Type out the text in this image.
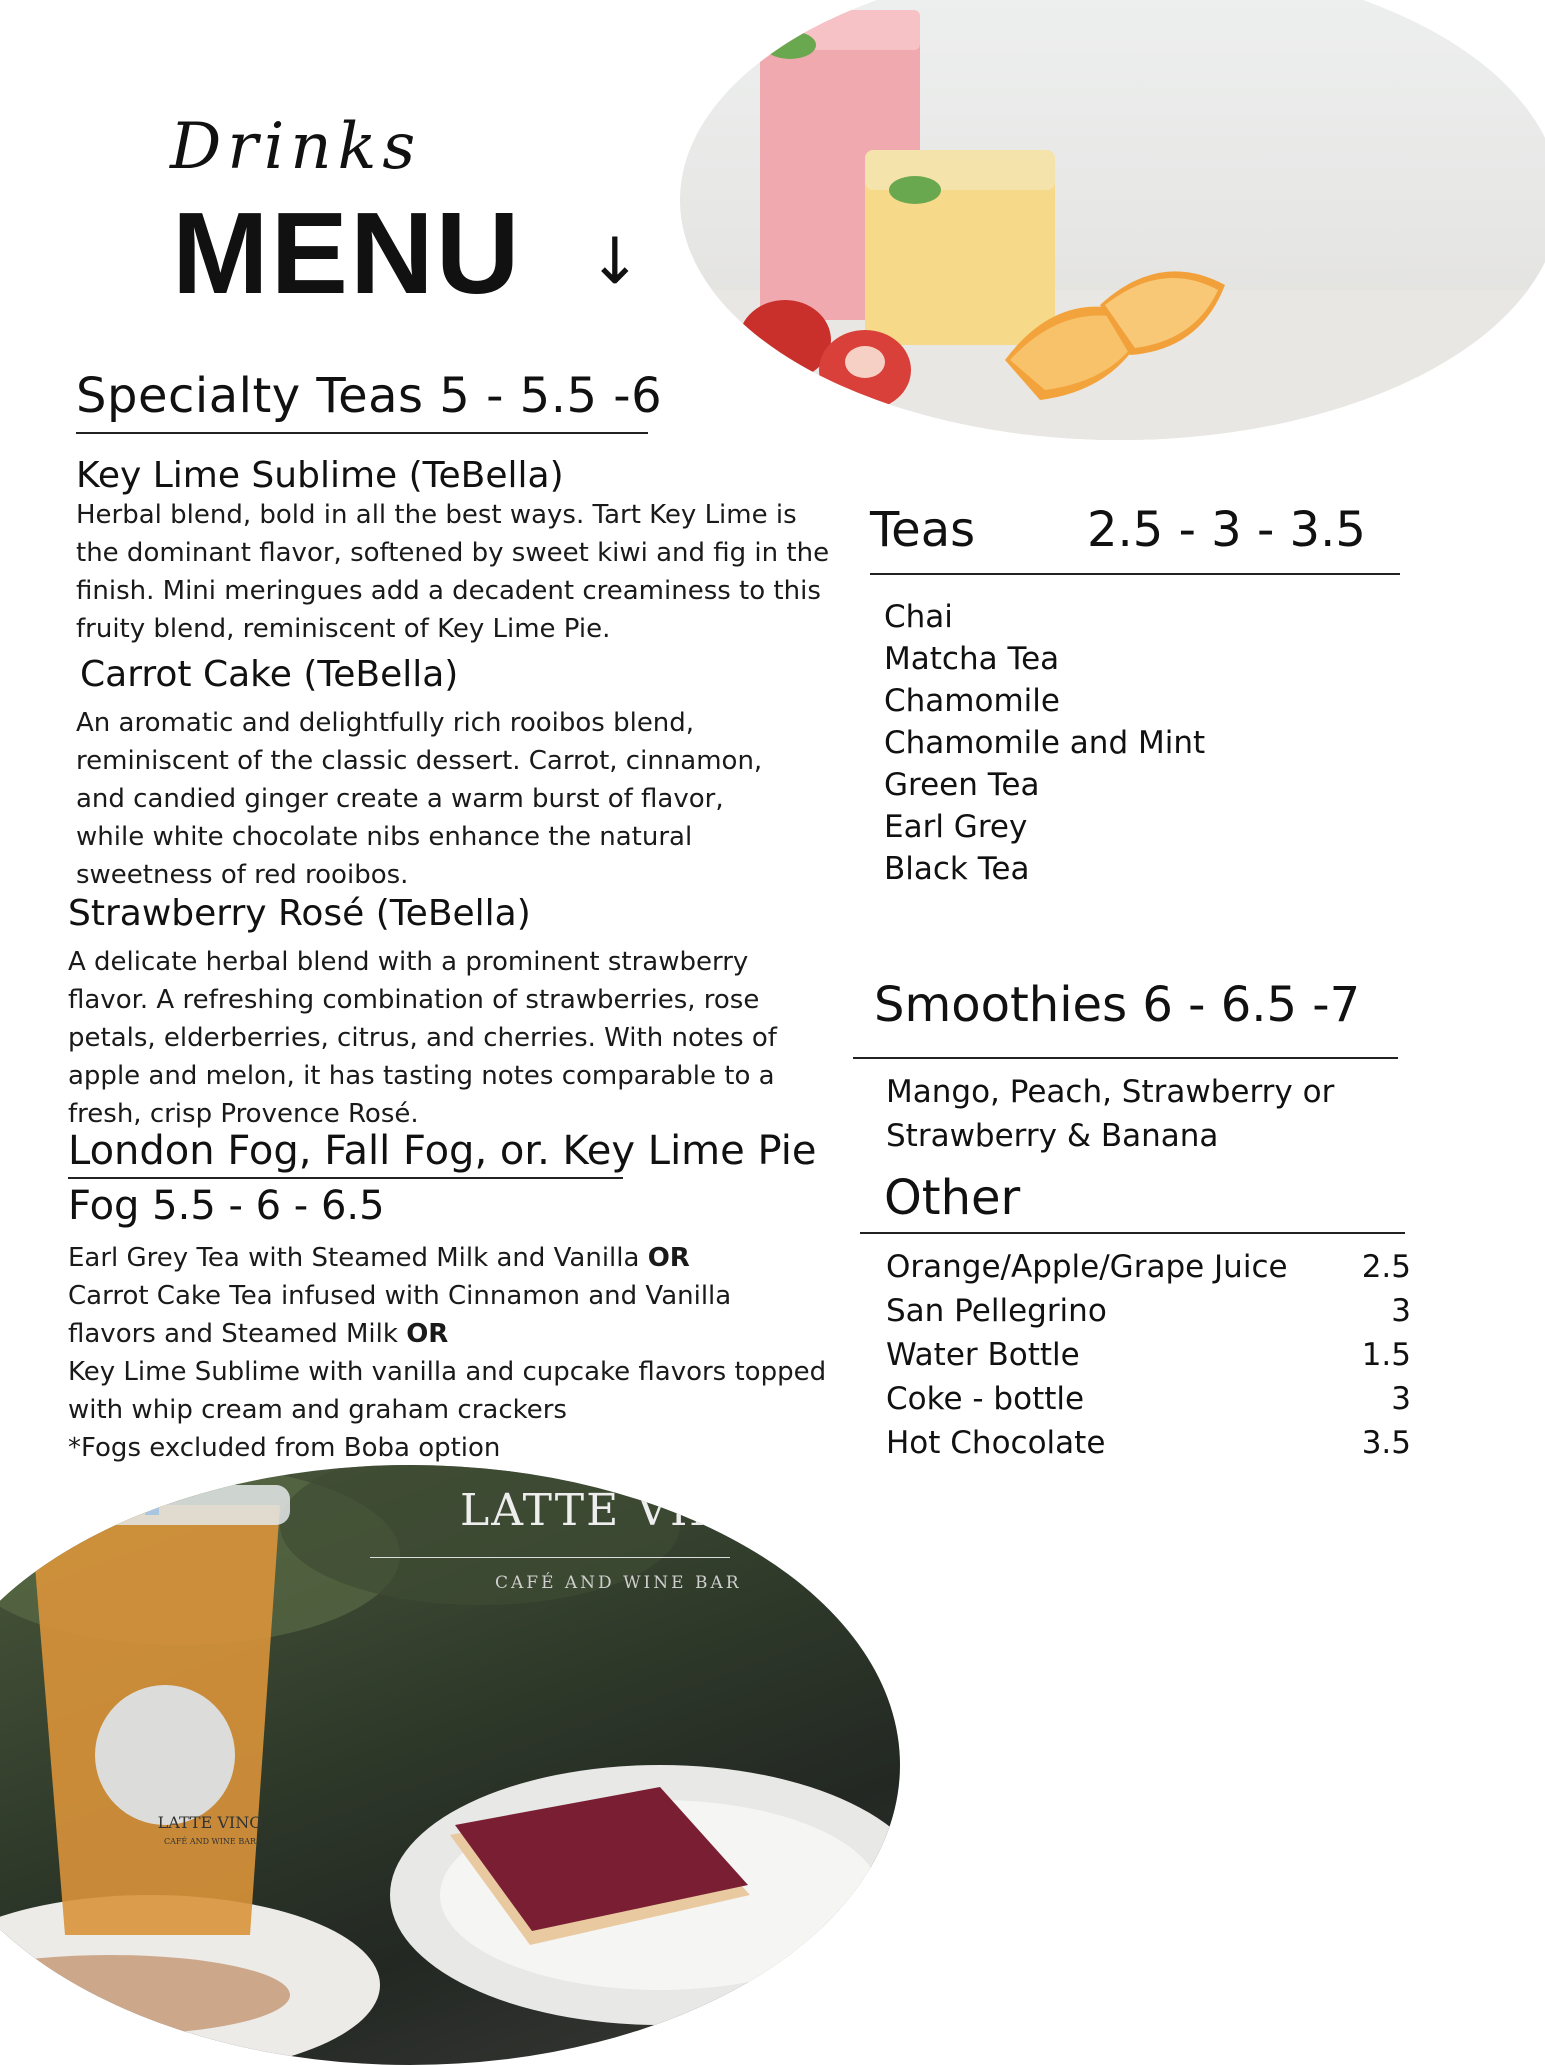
Drinks
MENU ↓
Specialty Teas 5 - 5.5 -6
Key Lime Sublime (TeBella)
Herbal blend, bold in all the best ways. Tart Key Lime is
the dominant flavor, softened by sweet kiwi and fig in the
finish. Mini meringues add a decadent creaminess to this
fruity blend, reminiscent of Key Lime Pie.
Carrot Cake (TeBella)
An aromatic and delightfully rich rooibos blend,
reminiscent of the classic dessert. Carrot, cinnamon,
and candied ginger create a warm burst of flavor,
while white chocolate nibs enhance the natural
sweetness of red rooibos.
Strawberry Rosé (TeBella)
A delicate herbal blend with a prominent strawberry
flavor. A refreshing combination of strawberries, rose
petals, elderberries, citrus, and cherries. With notes of
apple and melon, it has tasting notes comparable to a
fresh, crisp Provence Rosé.
London Fog, Fall Fog, or. Key Lime Pie
Fog 5.5 - 6 - 6.5
Earl Grey Tea with Steamed Milk and Vanilla OR
Carrot Cake Tea infused with Cinnamon and Vanilla
flavors and Steamed Milk OR
Key Lime Sublime with vanilla and cupcake flavors topped
with whip cream and graham crackers
*Fogs excluded from Boba option
Teas 2.5 - 3 - 3.5
Chai
Matcha Tea
Chamomile
Chamomile and Mint
Green Tea
Earl Grey
Black Tea
Smoothies 6 - 6.5 -7
Mango, Peach, Strawberry or
Strawberry & Banana
Other
Orange/Apple/Grape Juice 2.5
San Pellegrino	3
Water Bottle	1.5
Coke - bottle	3
Hot Chocolate	3.5
LATTE VINO
CAFÉ AND WINE BAR
LATTE VINO
CAFÉ AND WINE BAR
